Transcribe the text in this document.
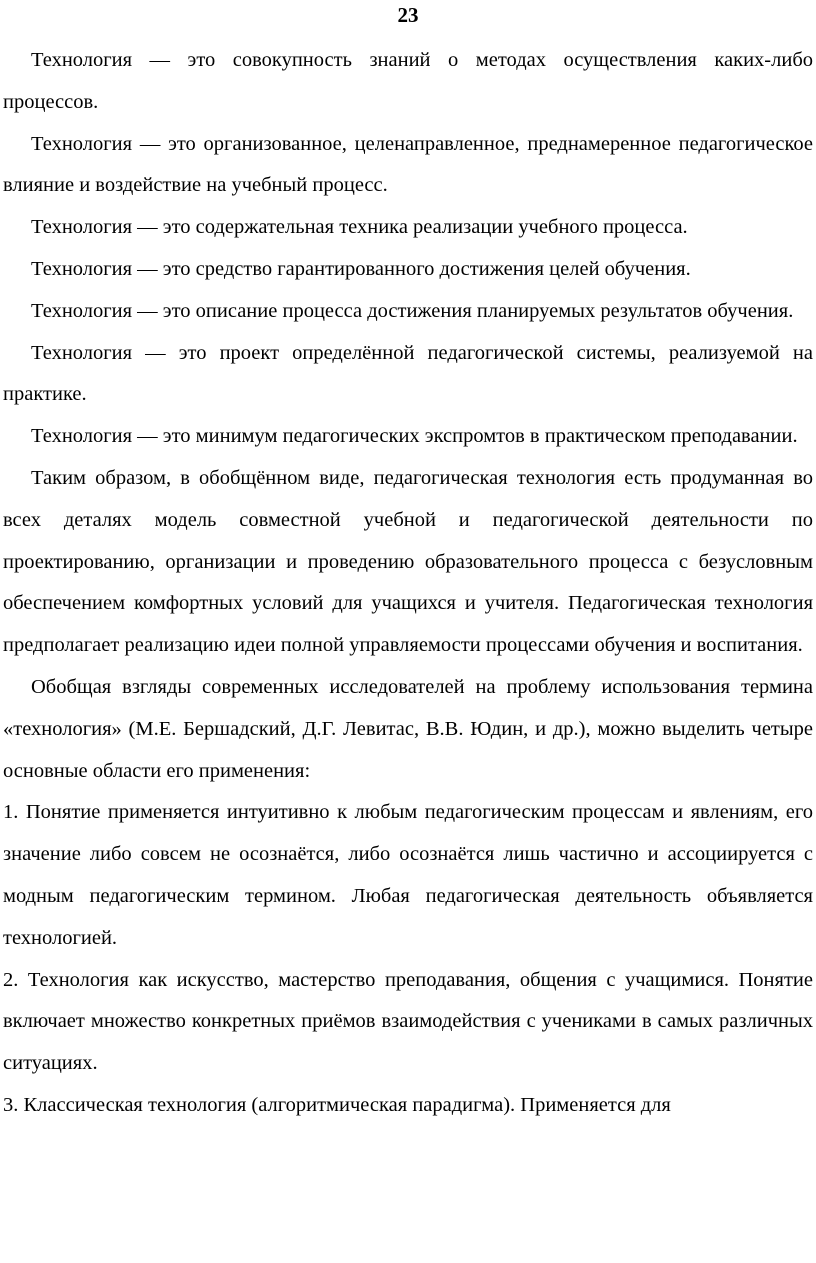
23

Технология — это совокупность знаний о методах осуществления каких-либо процессов.

Технология — это организованное, целенаправленное, преднамеренное педагогическое влияние и воздействие на учебный процесс.

Технология — это содержательная техника реализации учебного процесса.

Технология — это средство гарантированного достижения целей обучения.

Технология — это описание процесса достижения планируемых результатов обучения.

Технология — это проект определённой педагогической системы, реализуемой на практике.

Технология — это минимум педагогических экспромтов в практическом преподавании.

Таким образом, в обобщённом виде, педагогическая технология есть продуманная во всех деталях модель совместной учебной и педагогической деятельности по проектированию, организации и проведению образовательного процесса с безусловным обеспечением комфортных условий для учащихся и учителя. Педагогическая технология предполагает реализацию идеи полной управляемости процессами обучения и воспитания.

Обобщая взгляды современных исследователей на проблему использования термина «технология» (М.Е. Бершадский, Д.Г. Левитас, В.В. Юдин, и др.), можно выделить четыре основные области его применения:

1. Понятие применяется интуитивно к любым педагогическим процессам и явлениям, его значение либо совсем не осознаётся, либо осознаётся лишь частично и ассоциируется с модным педагогическим термином. Любая педагогическая деятельность объявляется технологией.

2. Технология как искусство, мастерство преподавания, общения с учащимися. Понятие включает множество конкретных приёмов взаимодействия с учениками в самых различных ситуациях.

3. Классическая технология (алгоритмическая парадигма). Применяется для
